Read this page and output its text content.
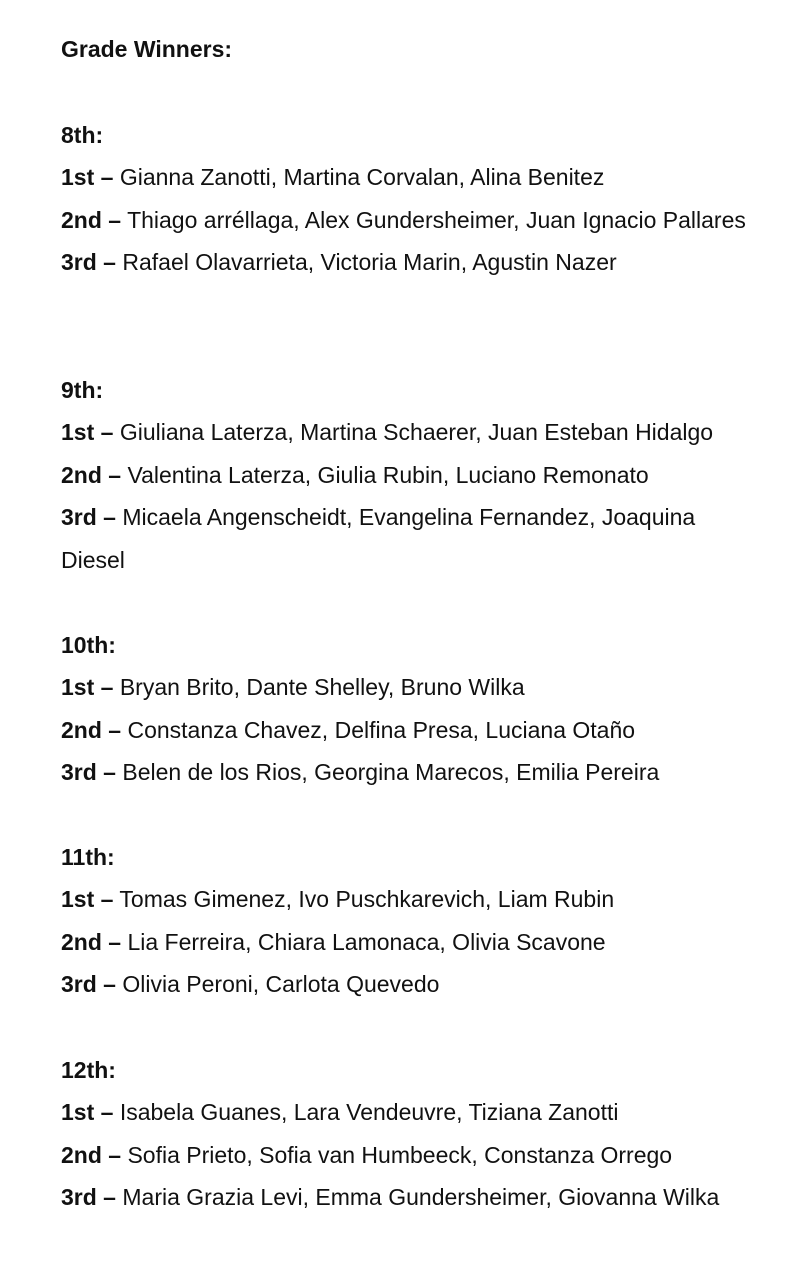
Grade Winners:

8th:

1st – Gianna Zanotti, Martina Corvalan, Alina Benitez

2nd – Thiago arréllaga, Alex Gundersheimer, Juan Ignacio Pallares

3rd – Rafael Olavarrieta, Victoria Marin, Agustin Nazer

9th:

1st – Giuliana Laterza, Martina Schaerer, Juan Esteban Hidalgo

2nd – Valentina Laterza, Giulia Rubin, Luciano Remonato

3rd – Micaela Angenscheidt, Evangelina Fernandez, Joaquina Diesel

10th:

1st – Bryan Brito, Dante Shelley, Bruno Wilka

2nd – Constanza Chavez, Delfina Presa, Luciana Otaño

3rd – Belen de los Rios, Georgina Marecos, Emilia Pereira

11th:

1st – Tomas Gimenez, Ivo Puschkarevich, Liam Rubin

2nd – Lia Ferreira, Chiara Lamonaca, Olivia Scavone

3rd – Olivia Peroni, Carlota Quevedo

12th:

1st – Isabela Guanes, Lara Vendeuvre, Tiziana Zanotti

2nd – Sofia Prieto, Sofia van Humbeeck, Constanza Orrego

3rd – Maria Grazia Levi, Emma Gundersheimer, Giovanna Wilka
